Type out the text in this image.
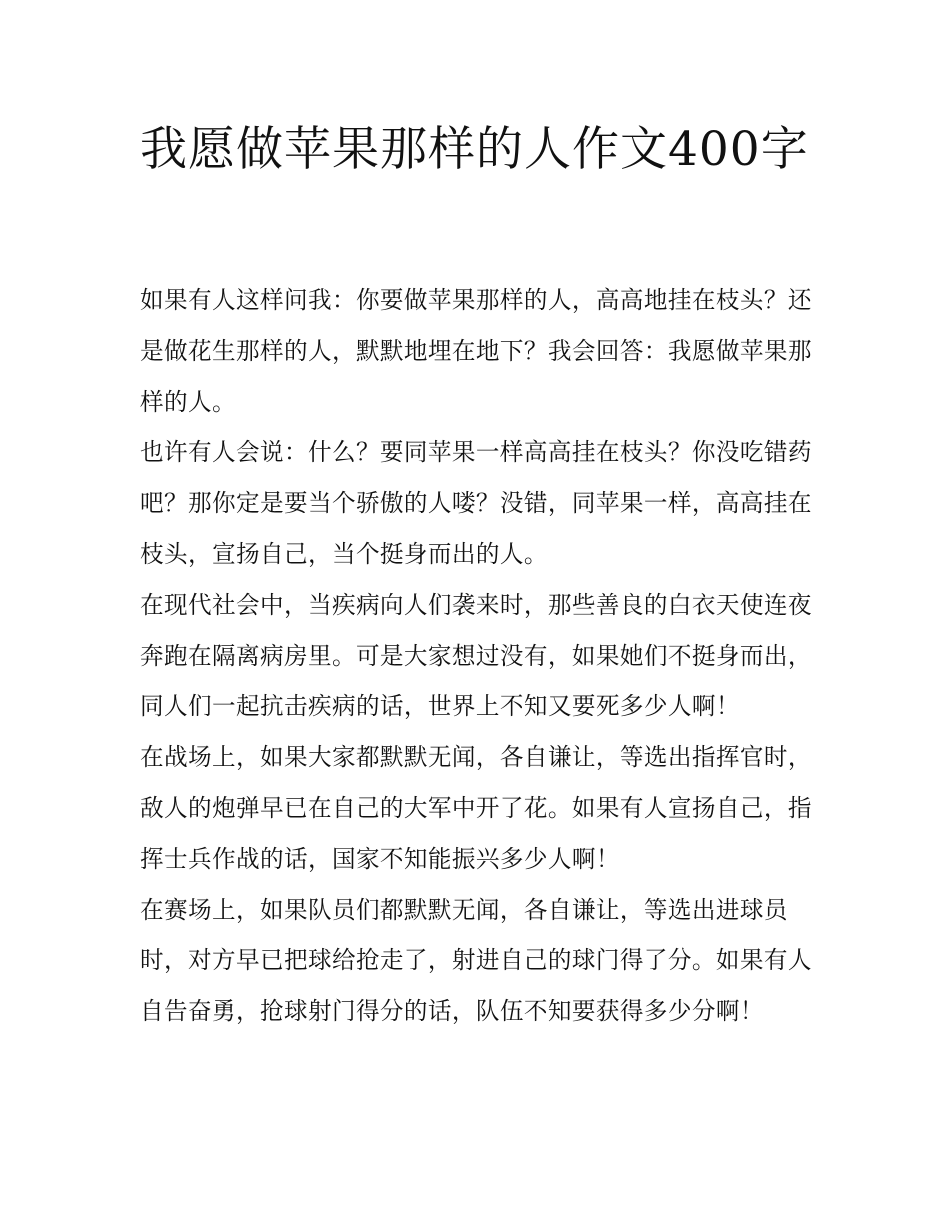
我愿做苹果那样的人作文400字

如果有人这样问我：你要做苹果那样的人，高高地挂在枝头？还是做花生那样的人，默默地埋在地下？我会回答：我愿做苹果那样的人。

也许有人会说：什么？要同苹果一样高高挂在枝头？你没吃错药吧？那你定是要当个骄傲的人喽？没错，同苹果一样，高高挂在枝头，宣扬自己，当个挺身而出的人。

在现代社会中，当疾病向人们袭来时，那些善良的白衣天使连夜奔跑在隔离病房里。可是大家想过没有，如果她们不挺身而出，同人们一起抗击疾病的话，世界上不知又要死多少人啊！

在战场上，如果大家都默默无闻，各自谦让，等选出指挥官时，敌人的炮弹早已在自己的大军中开了花。如果有人宣扬自己，指挥士兵作战的话，国家不知能振兴多少人啊！

在赛场上，如果队员们都默默无闻，各自谦让，等选出进球员时，对方早已把球给抢走了，射进自己的球门得了分。如果有人自告奋勇，抢球射门得分的话，队伍不知要获得多少分啊！
